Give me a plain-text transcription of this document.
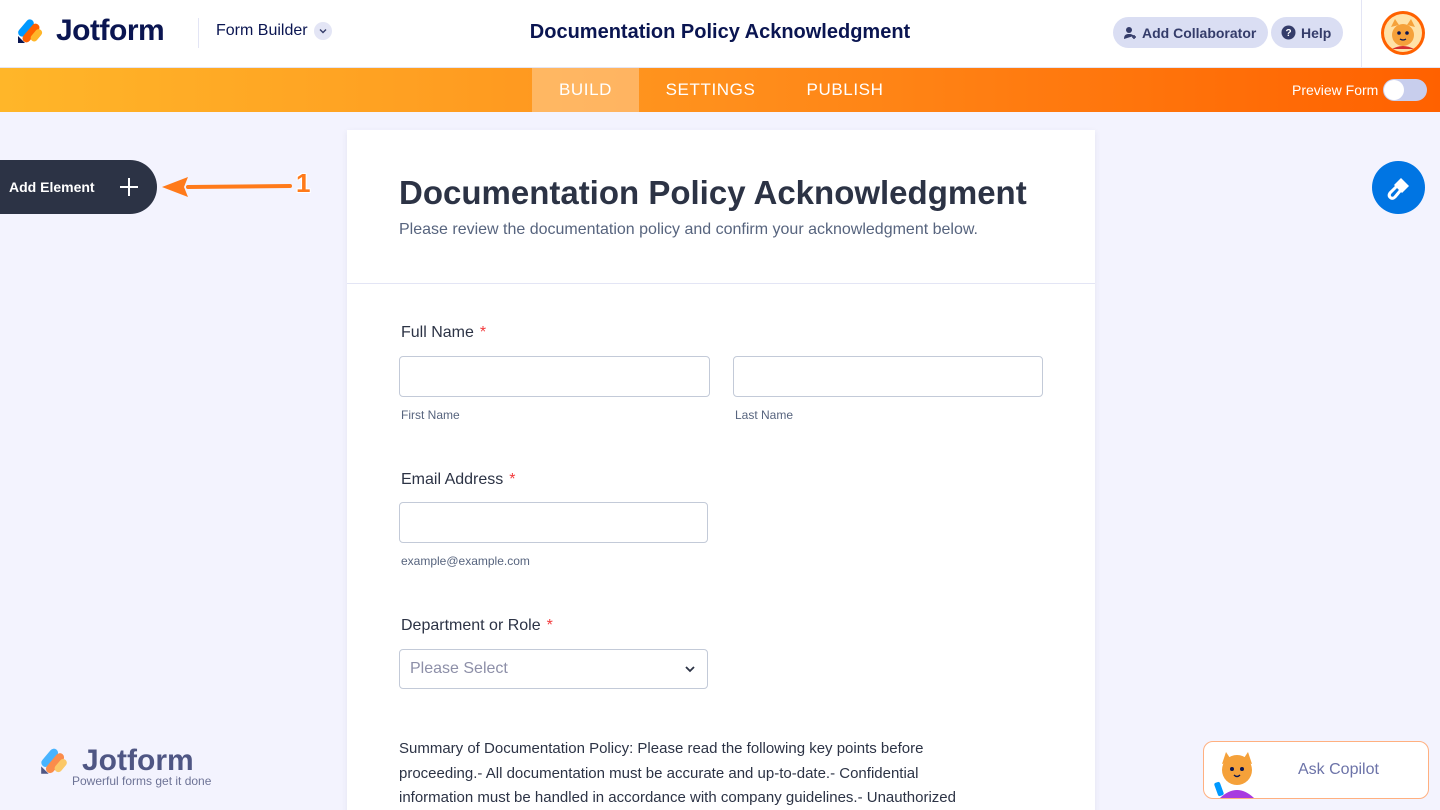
Jotform	Form Builder	Documentation Policy Acknowledgment	Add Collaborator	? Help
BUILD	SETTINGS	PUBLISH	Preview Form
Add Element	1	Documentation Policy Acknowledgment
Please review the documentation policy and confirm your acknowledgment below.
Full Name *
First Name	Last Name
Email Address *
example@example.com
Department or Role *
Please Select
Summary of Documentation Policy: Please read the following key points before
proceeding.- All documentation must be accurate and up-to-date.- Confidential
information must be handled in accordance with company guidelines.- Unauthorized
Jotform
Powerful forms get it done
Ask Copilot
